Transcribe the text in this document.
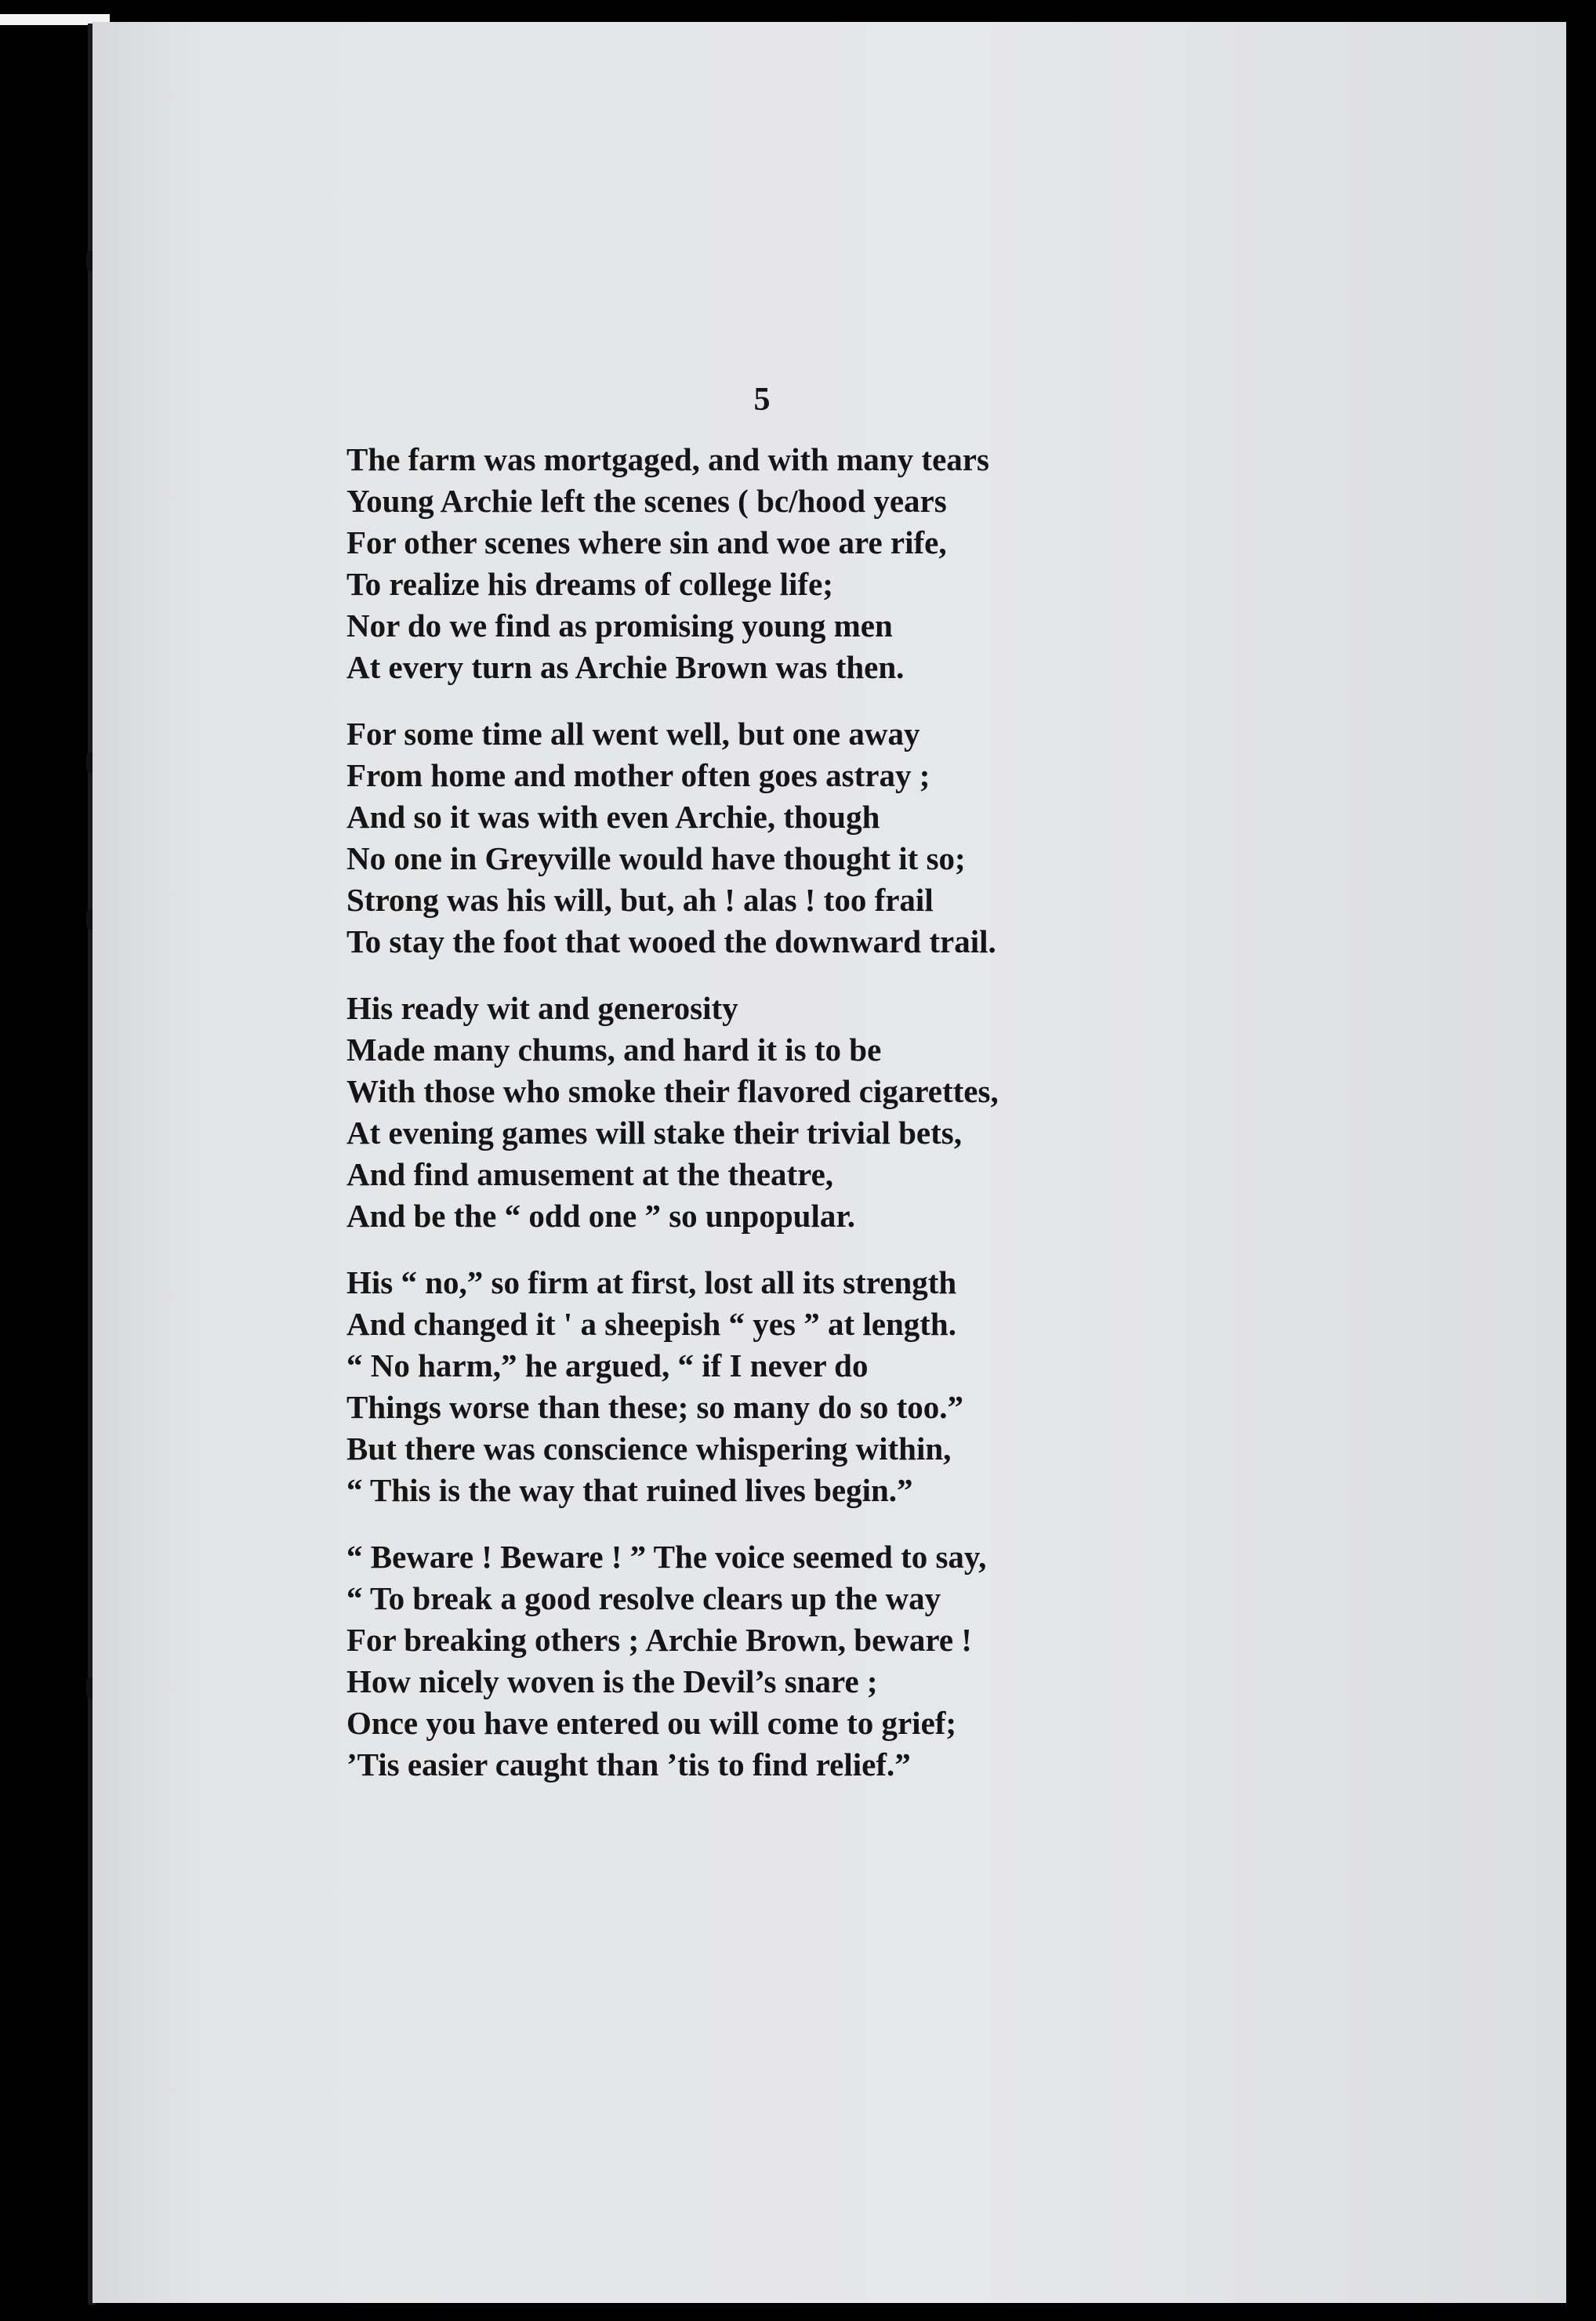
5
The farm was mortgaged, and with many tears
Young Archie left the scenes ( bc/hood years
For other scenes where sin and woe are rife,
To realize his dreams of college life;
Nor do we find as promising young men
At every turn as Archie Brown was then.
For some time all went well, but one away
From home and mother often goes astray ;
And so it was with even Archie, though
No one in Greyville would have thought it so;
Strong was his will, but, ah ! alas ! too frail
To stay the foot that wooed the downward trail.
His ready wit and generosity
Made many chums, and hard it is to be
With those who smoke their flavored cigarettes,
At evening games will stake their trivial bets,
And find amusement at the theatre,
And be the “ odd one ” so unpopular.
His “ no,” so firm at first, lost all its strength
And changed it ' a sheepish “ yes ” at length.
“ No harm,” he argued, “ if I never do
Things worse than these; so many do so too.”
But there was conscience whispering within,
“ This is the way that ruined lives begin.”
“ Beware ! Beware ! ” The voice seemed to say,
“ To break a good resolve clears up the way
For breaking others ; Archie Brown, beware !
How nicely woven is the Devil’s snare ;
Once you have entered ou will come to grief;
’Tis easier caught than ’tis to find relief.”
